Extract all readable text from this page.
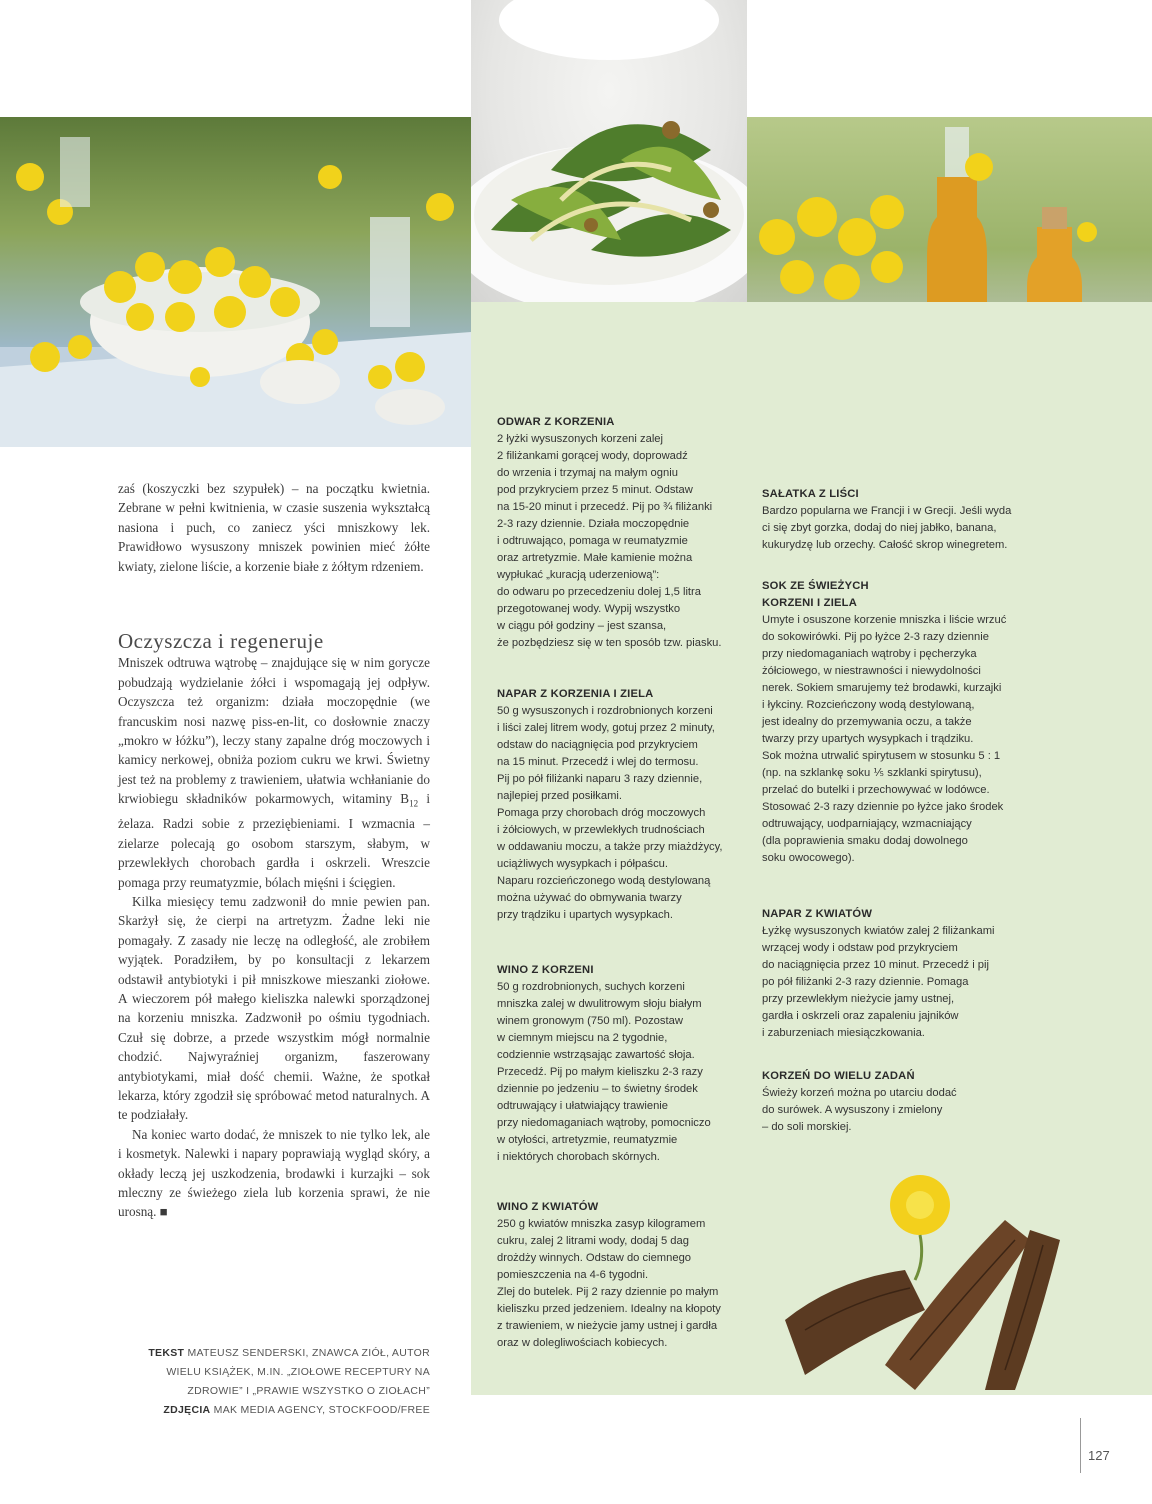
zaś (koszyczki bez szypułek) – na początku kwietnia. Zebrane w pełni kwitnienia, w czasie suszenia wykształcą nasiona i puch, co zaniecz yści mniszkowy lek. Prawidłowo wysuszony mniszek powinien mieć żółte kwiaty, zielone liście, a korzenie białe z żółtym rdzeniem.

Oczyszcza i regeneruje

Mniszek odtruwa wątrobę – znajdujące się w nim gorycze pobudzają wydzielanie żółci i wspomagają jej odpływ. Oczyszcza też organizm: działa moczopędnie (we francuskim nosi nazwę piss-en-lit, co dosłownie znaczy „mokro w łóżku”), leczy stany zapalne dróg moczowych i kamicy nerkowej, obniża poziom cukru we krwi. Świetny jest też na problemy z trawieniem, ułatwia wchłanianie do krwiobiegu składników pokarmowych, witaminy $B_{12}$ i żelaza. Radzi sobie z przeziębieniami. I wzmacnia – zielarze polecają go osobom starszym, słabym, w przewlekłych chorobach gardła i oskrzeli. Wreszcie pomaga przy reumatyzmie, bólach mięśni i ścięgien.

Kilka miesięcy temu zadzwonił do mnie pewien pan. Skarżył się, że cierpi na artretyzm. Żadne leki nie pomagały. Z zasady nie leczę na odległość, ale zrobiłem wyjątek. Poradziłem, by po konsultacji z lekarzem odstawił antybiotyki i pił mniszkowe mieszanki ziołowe. A wieczorem pół małego kieliszka nalewki sporządzonej na korzeniu mniszka. Zadzwonił po ośmiu tygodniach. Czuł się dobrze, a przede wszystkim mógł normalnie chodzić. Najwyraźniej organizm, faszerowany antybiotykami, miał dość chemii. Ważne, że spotkał lekarza, który zgodził się spróbować metod naturalnych. A te podziałały.

Na koniec warto dodać, że mniszek to nie tylko lek, ale i kosmetyk. Nalewki i napary poprawiają wygląd skóry, a okłady leczą jej uszkodzenia, brodawki i kurzajki – sok mleczny ze świeżego ziela lub korzenia sprawi, że nie urosną. ■

TEKST MATEUSZ SENDERSKI, ZNAWCA ZIÓŁ, AUTOR WIELU KSIĄŻEK, M.IN. „ZIOŁOWE RECEPTURY NA ZDROWIE” I „PRAWIE WSZYSTKO O ZIOŁACH”
ZDJĘCIA MAK MEDIA AGENCY, STOCKFOOD/FREE
ODWAR Z KORZENIA
2 łyżki wysuszonych korzeni zalej
2 filiżankami gorącej wody, doprowadź
do wrzenia i trzymaj na małym ogniu
pod przykryciem przez 5 minut. Odstaw
na 15-20 minut i przecedź. Pij po ¾ filiżanki
2-3 razy dziennie. Działa moczopędnie
i odtruwająco, pomaga w reumatyzmie
oraz artretyzmie. Małe kamienie można
wypłukać „kuracją uderzeniową”:
do odwaru po przecedzeniu dolej 1,5 litra
przegotowanej wody. Wypij wszystko
w ciągu pół godziny – jest szansa,
że pozbędziesz się w ten sposób tzw. piasku.
NAPAR Z KORZENIA I ZIELA
50 g wysuszonych i rozdrobnionych korzeni
i liści zalej litrem wody, gotuj przez 2 minuty,
odstaw do naciągnięcia pod przykryciem
na 15 minut. Przecedź i wlej do termosu.
Pij po pół filiżanki naparu 3 razy dziennie,
najlepiej przed posiłkami.
Pomaga przy chorobach dróg moczowych
i żółciowych, w przewlekłych trudnościach
w oddawaniu moczu, a także przy miażdżycy,
uciążliwych wysypkach i półpaścu.
Naparu rozcieńczonego wodą destylowaną
można używać do obmywania twarzy
przy trądziku i upartych wysypkach.
WINO Z KORZENI
50 g rozdrobnionych, suchych korzeni
mniszka zalej w dwulitrowym słoju białym
winem gronowym (750 ml). Pozostaw
w ciemnym miejscu na 2 tygodnie,
codziennie wstrząsając zawartość słoja.
Przecedź. Pij po małym kieliszku 2-3 razy
dziennie po jedzeniu – to świetny środek
odtruwający i ułatwiający trawienie
przy niedomaganiach wątroby, pomocniczo
w otyłości, artretyzmie, reumatyzmie
i niektórych chorobach skórnych.
WINO Z KWIATÓW
250 g kwiatów mniszka zasyp kilogramem
cukru, zalej 2 litrami wody, dodaj 5 dag
drożdży winnych. Odstaw do ciemnego
pomieszczenia na 4-6 tygodni.
Zlej do butelek. Pij 2 razy dziennie po małym
kieliszku przed jedzeniem. Idealny na kłopoty
z trawieniem, w nieżycie jamy ustnej i gardła
oraz w dolegliwościach kobiecych.
SAŁATKA Z LIŚCI
Bardzo popularna we Francji i w Grecji. Jeśli wyda
ci się zbyt gorzka, dodaj do niej jabłko, banana,
kukurydzę lub orzechy. Całość skrop winegretem.
SOK ZE ŚWIEŻYCH
KORZENI I ZIELA
Umyte i osuszone korzenie mniszka i liście wrzuć
do sokowirówki. Pij po łyżce 2-3 razy dziennie
przy niedomaganiach wątroby i pęcherzyka
żółciowego, w niestrawności i niewydolności
nerek. Sokiem smarujemy też brodawki, kurzajki
i łykciny. Rozcieńczony wodą destylowaną,
jest idealny do przemywania oczu, a także
twarzy przy upartych wysypkach i trądziku.
Sok można utrwalić spirytusem w stosunku 5 : 1
(np. na szklankę soku ⅕ szklanki spirytusu),
przelać do butelki i przechowywać w lodówce.
Stosować 2-3 razy dziennie po łyżce jako środek
odtruwający, uodparniający, wzmacniający
(dla poprawienia smaku dodaj dowolnego
soku owocowego).
NAPAR Z KWIATÓW
Łyżkę wysuszonych kwiatów zalej 2 filiżankami
wrzącej wody i odstaw pod przykryciem
do naciągnięcia przez 10 minut. Przecedź i pij
po pół filiżanki 2-3 razy dziennie. Pomaga
przy przewlekłym nieżycie jamy ustnej,
gardła i oskrzeli oraz zapaleniu jajników
i zaburzeniach miesiączkowania.
KORZEŃ DO WIELU ZADAŃ
Świeży korzeń można po utarciu dodać
do surówek. A wysuszony i zmielony
– do soli morskiej.
127
